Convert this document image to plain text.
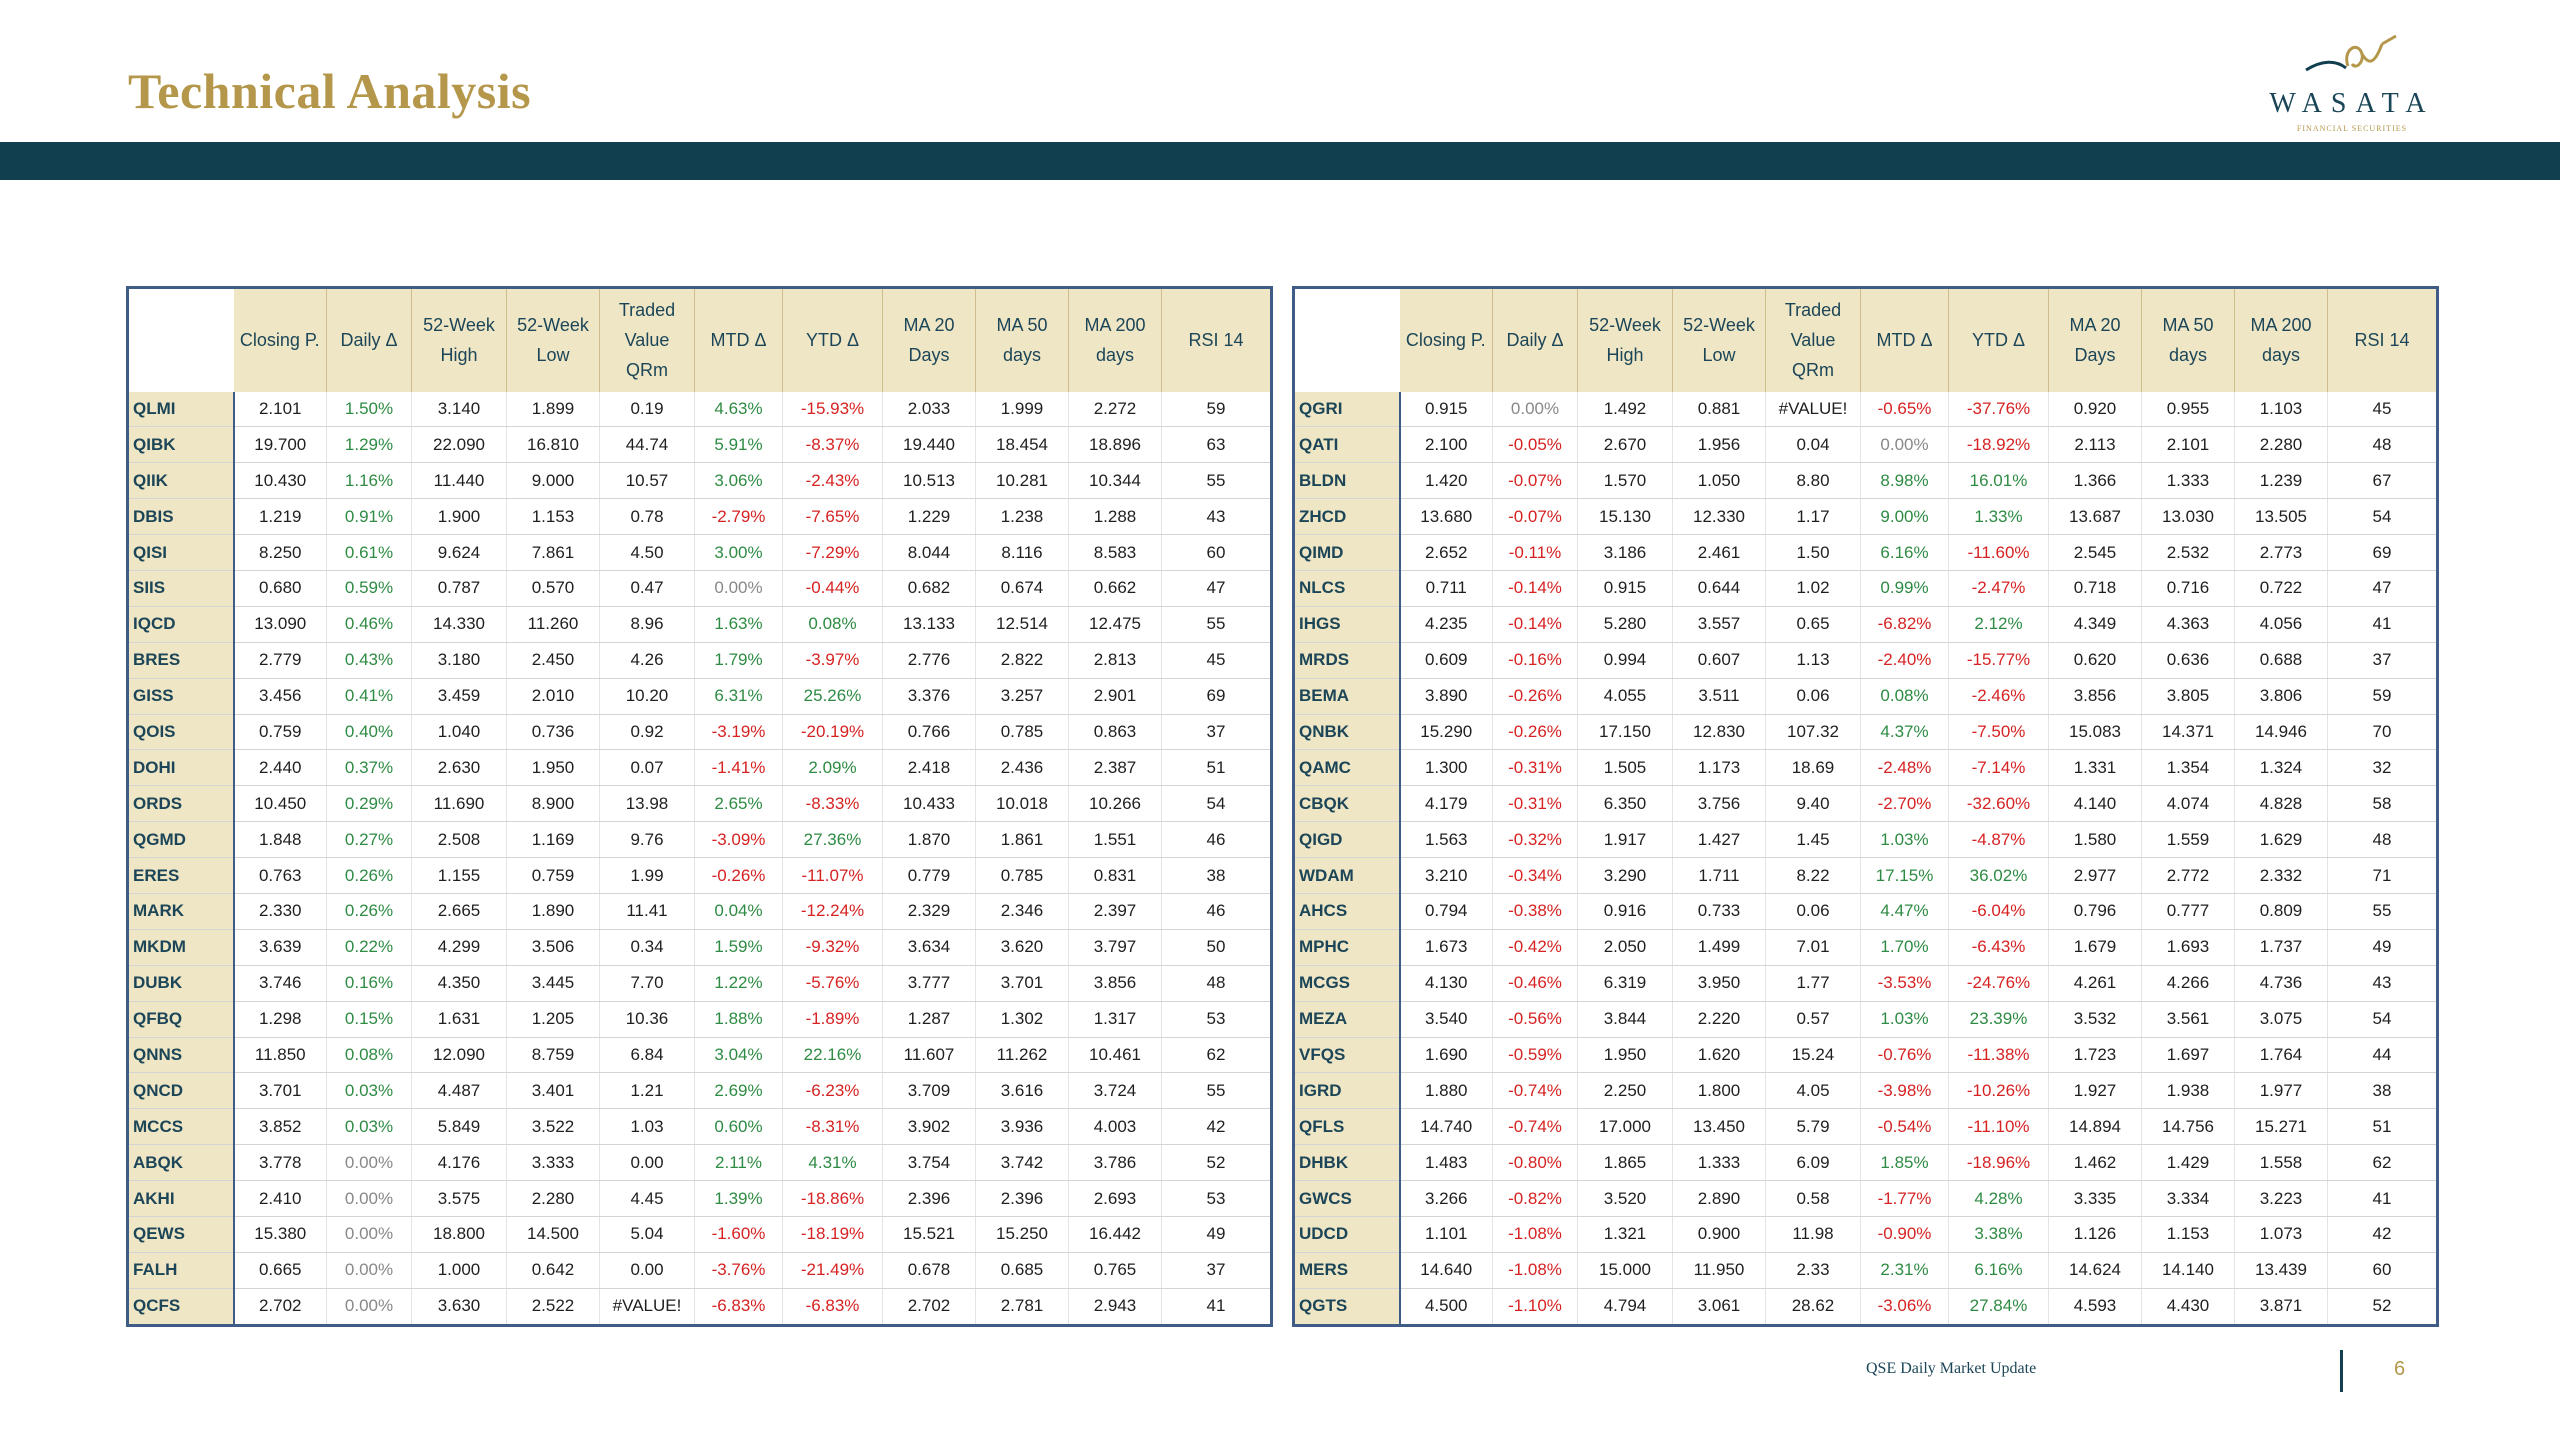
Technical Analysis	WASATA
FINANCIAL SECURITIES
	Closing P.	Daily Δ	52-Week High	52-Week Low	Traded Value QRm	MTD Δ	YTD Δ	MA 20 Days	MA 50 days	MA 200 days	RSI 14
QLMI	2.101	1.50%	3.140	1.899	0.19	4.63%	-15.93%	2.033	1.999	2.272	59
QIBK	19.700	1.29%	22.090	16.810	44.74	5.91%	-8.37%	19.440	18.454	18.896	63
QIIK	10.430	1.16%	11.440	9.000	10.57	3.06%	-2.43%	10.513	10.281	10.344	55
DBIS	1.219	0.91%	1.900	1.153	0.78	-2.79%	-7.65%	1.229	1.238	1.288	43
QISI	8.250	0.61%	9.624	7.861	4.50	3.00%	-7.29%	8.044	8.116	8.583	60
SIIS	0.680	0.59%	0.787	0.570	0.47	0.00%	-0.44%	0.682	0.674	0.662	47
IQCD	13.090	0.46%	14.330	11.260	8.96	1.63%	0.08%	13.133	12.514	12.475	55
BRES	2.779	0.43%	3.180	2.450	4.26	1.79%	-3.97%	2.776	2.822	2.813	45
GISS	3.456	0.41%	3.459	2.010	10.20	6.31%	25.26%	3.376	3.257	2.901	69
QOIS	0.759	0.40%	1.040	0.736	0.92	-3.19%	-20.19%	0.766	0.785	0.863	37
DOHI	2.440	0.37%	2.630	1.950	0.07	-1.41%	2.09%	2.418	2.436	2.387	51
ORDS	10.450	0.29%	11.690	8.900	13.98	2.65%	-8.33%	10.433	10.018	10.266	54
QGMD	1.848	0.27%	2.508	1.169	9.76	-3.09%	27.36%	1.870	1.861	1.551	46
ERES	0.763	0.26%	1.155	0.759	1.99	-0.26%	-11.07%	0.779	0.785	0.831	38
MARK	2.330	0.26%	2.665	1.890	11.41	0.04%	-12.24%	2.329	2.346	2.397	46
MKDM	3.639	0.22%	4.299	3.506	0.34	1.59%	-9.32%	3.634	3.620	3.797	50
DUBK	3.746	0.16%	4.350	3.445	7.70	1.22%	-5.76%	3.777	3.701	3.856	48
QFBQ	1.298	0.15%	1.631	1.205	10.36	1.88%	-1.89%	1.287	1.302	1.317	53
QNNS	11.850	0.08%	12.090	8.759	6.84	3.04%	22.16%	11.607	11.262	10.461	62
QNCD	3.701	0.03%	4.487	3.401	1.21	2.69%	-6.23%	3.709	3.616	3.724	55
MCCS	3.852	0.03%	5.849	3.522	1.03	0.60%	-8.31%	3.902	3.936	4.003	42
ABQK	3.778	0.00%	4.176	3.333	0.00	2.11%	4.31%	3.754	3.742	3.786	52
AKHI	2.410	0.00%	3.575	2.280	4.45	1.39%	-18.86%	2.396	2.396	2.693	53
QEWS	15.380	0.00%	18.800	14.500	5.04	-1.60%	-18.19%	15.521	15.250	16.442	49
FALH	0.665	0.00%	1.000	0.642	0.00	-3.76%	-21.49%	0.678	0.685	0.765	37
QCFS	2.702	0.00%	3.630	2.522	#VALUE!	-6.83%	-6.83%	2.702	2.781	2.943	41
	Closing P.	Daily Δ	52-Week High	52-Week Low	Traded Value QRm	MTD Δ	YTD Δ	MA 20 Days	MA 50 days	MA 200 days	RSI 14
QGRI	0.915	0.00%	1.492	0.881	#VALUE!	-0.65%	-37.76%	0.920	0.955	1.103	45
QATI	2.100	-0.05%	2.670	1.956	0.04	0.00%	-18.92%	2.113	2.101	2.280	48
BLDN	1.420	-0.07%	1.570	1.050	8.80	8.98%	16.01%	1.366	1.333	1.239	67
ZHCD	13.680	-0.07%	15.130	12.330	1.17	9.00%	1.33%	13.687	13.030	13.505	54
QIMD	2.652	-0.11%	3.186	2.461	1.50	6.16%	-11.60%	2.545	2.532	2.773	69
NLCS	0.711	-0.14%	0.915	0.644	1.02	0.99%	-2.47%	0.718	0.716	0.722	47
IHGS	4.235	-0.14%	5.280	3.557	0.65	-6.82%	2.12%	4.349	4.363	4.056	41
MRDS	0.609	-0.16%	0.994	0.607	1.13	-2.40%	-15.77%	0.620	0.636	0.688	37
BEMA	3.890	-0.26%	4.055	3.511	0.06	0.08%	-2.46%	3.856	3.805	3.806	59
QNBK	15.290	-0.26%	17.150	12.830	107.32	4.37%	-7.50%	15.083	14.371	14.946	70
QAMC	1.300	-0.31%	1.505	1.173	18.69	-2.48%	-7.14%	1.331	1.354	1.324	32
CBQK	4.179	-0.31%	6.350	3.756	9.40	-2.70%	-32.60%	4.140	4.074	4.828	58
QIGD	1.563	-0.32%	1.917	1.427	1.45	1.03%	-4.87%	1.580	1.559	1.629	48
WDAM	3.210	-0.34%	3.290	1.711	8.22	17.15%	36.02%	2.977	2.772	2.332	71
AHCS	0.794	-0.38%	0.916	0.733	0.06	4.47%	-6.04%	0.796	0.777	0.809	55
MPHC	1.673	-0.42%	2.050	1.499	7.01	1.70%	-6.43%	1.679	1.693	1.737	49
MCGS	4.130	-0.46%	6.319	3.950	1.77	-3.53%	-24.76%	4.261	4.266	4.736	43
MEZA	3.540	-0.56%	3.844	2.220	0.57	1.03%	23.39%	3.532	3.561	3.075	54
VFQS	1.690	-0.59%	1.950	1.620	15.24	-0.76%	-11.38%	1.723	1.697	1.764	44
IGRD	1.880	-0.74%	2.250	1.800	4.05	-3.98%	-10.26%	1.927	1.938	1.977	38
QFLS	14.740	-0.74%	17.000	13.450	5.79	-0.54%	-11.10%	14.894	14.756	15.271	51
DHBK	1.483	-0.80%	1.865	1.333	6.09	1.85%	-18.96%	1.462	1.429	1.558	62
GWCS	3.266	-0.82%	3.520	2.890	0.58	-1.77%	4.28%	3.335	3.334	3.223	41
UDCD	1.101	-1.08%	1.321	0.900	11.98	-0.90%	3.38%	1.126	1.153	1.073	42
MERS	14.640	-1.08%	15.000	11.950	2.33	2.31%	6.16%	14.624	14.140	13.439	60
QGTS	4.500	-1.10%	4.794	3.061	28.62	-3.06%	27.84%	4.593	4.430	3.871	52
QSE Daily Market Update	6
